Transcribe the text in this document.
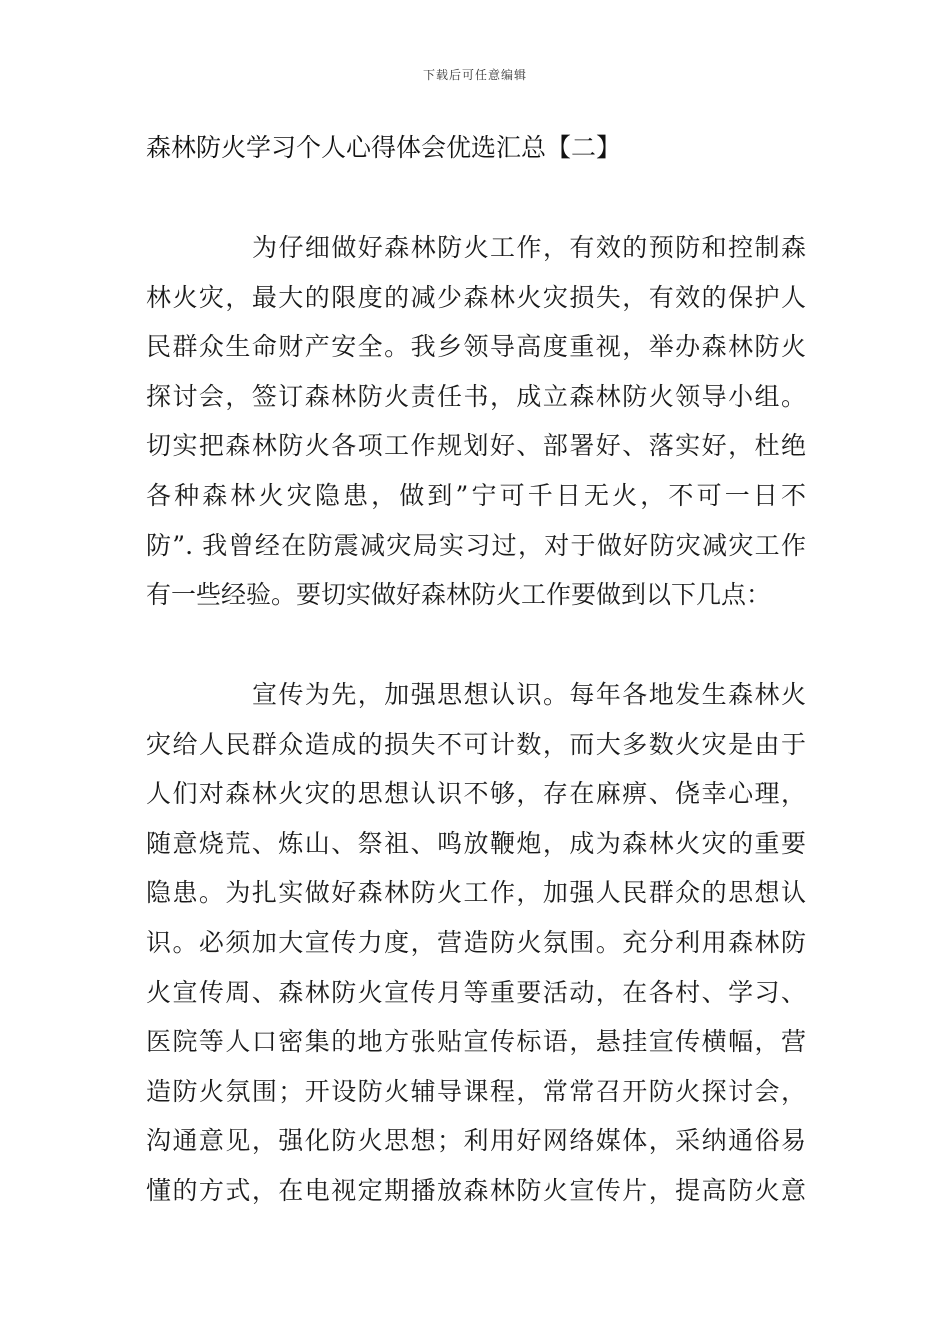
下载后可任意编辑
森林防火学习个人心得体会优选汇总【二】
为仔细做好森林防火工作，有效的预防和控制森
林火灾，最大的限度的减少森林火灾损失，有效的保护人
民群众生命财产安全。我乡领导高度重视，举办森林防火
探讨会，签订森林防火责任书，成立森林防火领导小组。
切实把森林防火各项工作规划好、部署好、落实好，杜绝
各种森林火灾隐患，做到”宁可千日无火，不可一日不
防”. 我曾经在防震减灾局实习过，对于做好防灾减灾工作
有一些经验。要切实做好森林防火工作要做到以下几点：
宣传为先，加强思想认识。每年各地发生森林火
灾给人民群众造成的损失不可计数，而大多数火灾是由于
人们对森林火灾的思想认识不够，存在麻痹、侥幸心理，
随意烧荒、炼山、祭祖、鸣放鞭炮，成为森林火灾的重要
隐患。为扎实做好森林防火工作，加强人民群众的思想认
识。必须加大宣传力度，营造防火氛围。充分利用森林防
火宣传周、森林防火宣传月等重要活动，在各村、学习、
医院等人口密集的地方张贴宣传标语，悬挂宣传横幅，营
造防火氛围；开设防火辅导课程，常常召开防火探讨会，
沟通意见，强化防火思想；利用好网络媒体，采纳通俗易
懂的方式，在电视定期播放森林防火宣传片，提高防火意
